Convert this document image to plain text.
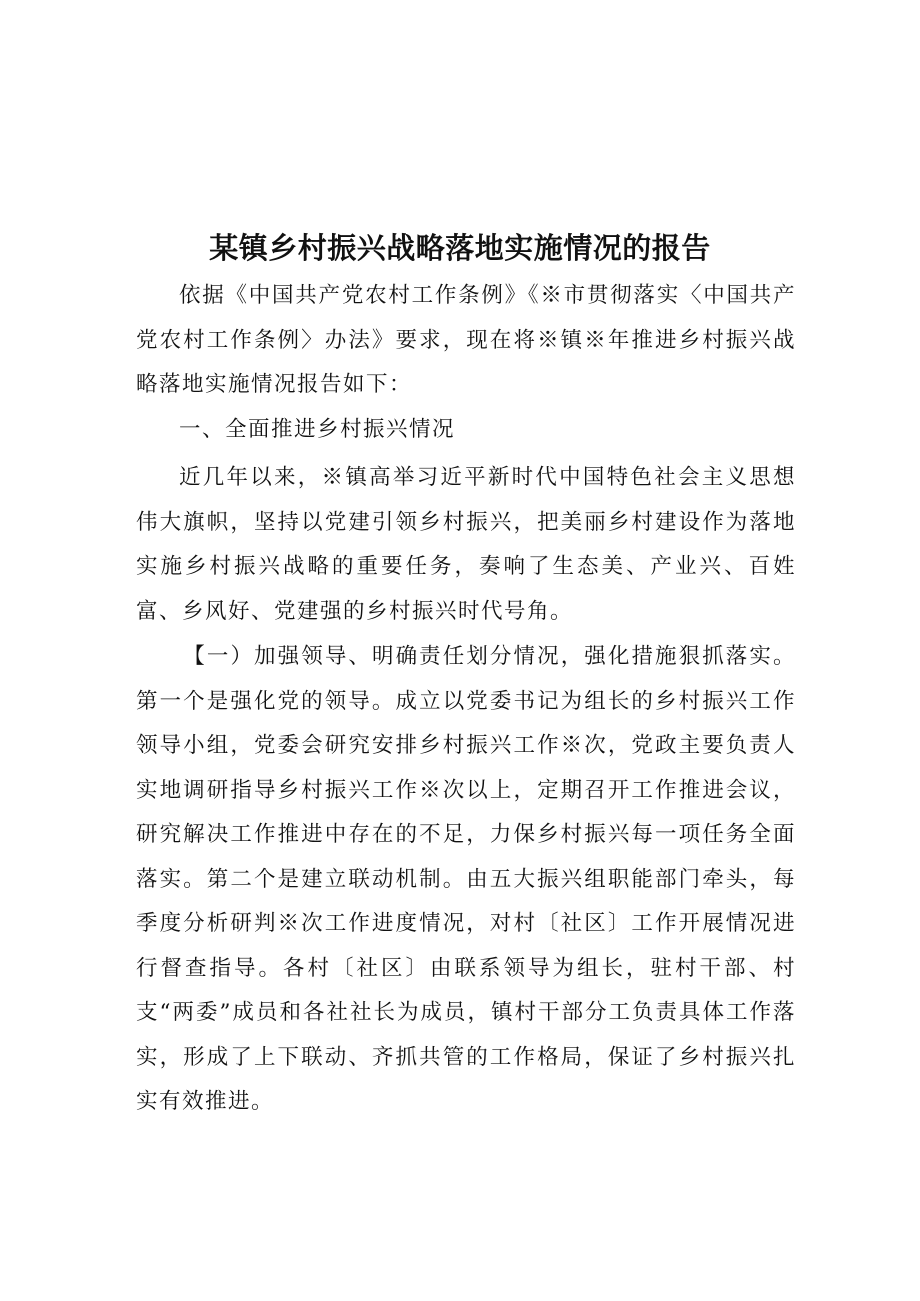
某镇乡村振兴战略落地实施情况的报告

依据《中国共产党农村工作条例》《※市贯彻落实〈中国共产党农村工作条例〉办法》要求，现在将※镇※年推进乡村振兴战略落地实施情况报告如下：

一、全面推进乡村振兴情况

近几年以来，※镇高举习近平新时代中国特色社会主义思想伟大旗帜，坚持以党建引领乡村振兴，把美丽乡村建设作为落地实施乡村振兴战略的重要任务，奏响了生态美、产业兴、百姓富、乡风好、党建强的乡村振兴时代号角。

【一）加强领导、明确责任划分情况，强化措施狠抓落实。第一个是强化党的领导。成立以党委书记为组长的乡村振兴工作领导小组，党委会研究安排乡村振兴工作※次，党政主要负责人实地调研指导乡村振兴工作※次以上，定期召开工作推进会议，研究解决工作推进中存在的不足，力保乡村振兴每一项任务全面落实。第二个是建立联动机制。由五大振兴组职能部门牵头，每季度分析研判※次工作进度情况，对村〔社区〕工作开展情况进行督查指导。各村〔社区〕由联系领导为组长，驻村干部、村支“两委”成员和各社社长为成员，镇村干部分工负责具体工作落实，形成了上下联动、齐抓共管的工作格局，保证了乡村振兴扎实有效推进。
